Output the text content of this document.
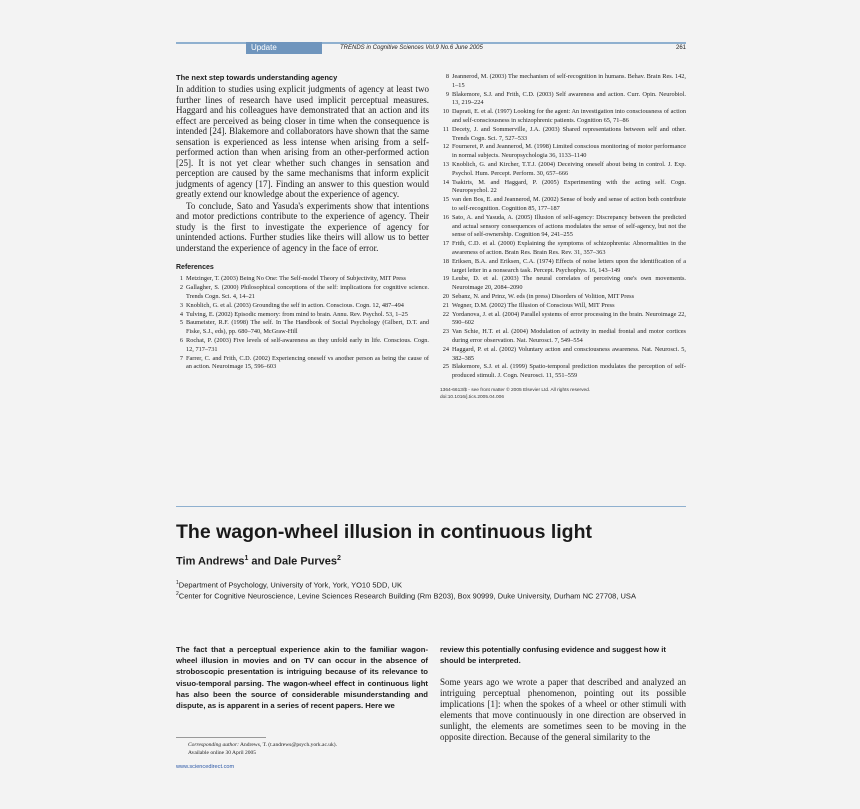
Update	TRENDS in Cognitive Sciences Vol.9 No.6 June 2005	261
The next step towards understanding agency

In addition to studies using explicit judgments of agency at least two further lines of research have used implicit perceptual measures. Haggard and his colleagues have demonstrated that an action and its effect are perceived as being closer in time when the consequence is intended [24]. Blakemore and collaborators have shown that the same sensation is experienced as less intense when arising from a self-performed action than when arising from an other-performed action [25]. It is not yet clear whether such changes in sensation and perception are caused by the same mechanisms that inform explicit judgments of agency [17]. Finding an answer to this question would greatly extend our knowledge about the experience of agency.

To conclude, Sato and Yasuda's experiments show that intentions and motor predictions contribute to the experience of agency. Their study is the first to investigate the experience of agency for unintended actions. Further studies like theirs will allow us to better understand the experience of agency in the face of error.

References
1 Metzinger, T. (2003) Being No One: The Self-model Theory of Subjectivity, MIT Press
2 Gallagher, S. (2000) Philosophical conceptions of the self: implications for cognitive science. Trends Cogn. Sci. 4, 14–21
3 Knoblich, G. et al. (2003) Grounding the self in action. Conscious. Cogn. 12, 487–494
4 Tulving, E. (2002) Episodic memory: from mind to brain. Annu. Rev. Psychol. 53, 1–25
5 Baumeister, R.F. (1998) The self. In The Handbook of Social Psychology (Gilbert, D.T. and Fiske, S.J., eds), pp. 680–740, McGraw-Hill
6 Rochat, P. (2003) Five levels of self-awareness as they unfold early in life. Conscious. Cogn. 12, 717–731
7 Farrer, C. and Frith, C.D. (2002) Experiencing oneself vs another person as being the cause of an action. Neuroimage 15, 596–603
8 Jeannerod, M. (2003) The mechanism of self-recognition in humans. Behav. Brain Res. 142, 1–15
9 Blakemore, S.J. and Frith, C.D. (2003) Self awareness and action. Curr. Opin. Neurobiol. 13, 219–224
10 Daprati, E. et al. (1997) Looking for the agent: An investigation into consciousness of action and self-consciousness in schizophrenic patients. Cognition 65, 71–86
11 Decety, J. and Sommerville, J.A. (2003) Shared representations between self and other. Trends Cogn. Sci. 7, 527–533
12 Fourneret, P. and Jeannerod, M. (1998) Limited conscious monitoring of motor performance in normal subjects. Neuropsychologia 36, 1133–1140
13 Knoblich, G. and Kircher, T.T.J. (2004) Deceiving oneself about being in control. J. Exp. Psychol. Hum. Percept. Perform. 30, 657–666
14 Tsakiris, M. and Haggard, P. (2005) Experimenting with the acting self. Cogn. Neuropsychol. 22
15 van den Bos, E. and Jeannerod, M. (2002) Sense of body and sense of action both contribute to self-recognition. Cognition 85, 177–187
16 Sato, A. and Yasuda, A. (2005) Illusion of self-agency: Discrepancy between the predicted and actual sensory consequences of actions modulates the sense of self-agency, but not the sense of self-ownership. Cognition 94, 241–255
17 Frith, C.D. et al. (2000) Explaining the symptoms of schizophrenia: Abnormalities in the awareness of action. Brain Res. Brain Res. Rev. 31, 357–363
18 Eriksen, B.A. and Eriksen, C.A. (1974) Effects of noise letters upon the identification of a target letter in a nonsearch task. Percept. Psychophys. 16, 143–149
19 Leube, D. et al. (2003) The neural correlates of perceiving one's own movements. Neuroimage 20, 2084–2090
20 Sebanz, N. and Prinz, W. eds (in press) Disorders of Volition, MIT Press
21 Wegner, D.M. (2002) The Illusion of Conscious Will, MIT Press
22 Yordanova, J. et al. (2004) Parallel systems of error processing in the brain. Neuroimage 22, 590–602
23 Van Schie, H.T. et al. (2004) Modulation of activity in medial frontal and motor cortices during error observation. Nat. Neurosci. 7, 549–554
24 Haggard, P. et al. (2002) Voluntary action and consciousness awareness. Nat. Neurosci. 5, 382–385
25 Blakemore, S.J. et al. (1999) Spatio-temporal prediction modulates the perception of self-produced stimuli. J. Cogn. Neurosci. 11, 551–559
1364-6613/$ - see front matter © 2005 Elsevier Ltd. All rights reserved.
doi:10.1016/j.tics.2005.04.006
The wagon-wheel illusion in continuous light
Tim Andrews$^1$ and Dale Purves$^2$
$^1$Department of Psychology, University of York, York, YO10 5DD, UK
$^2$Center for Cognitive Neuroscience, Levine Sciences Research Building (Rm B203), Box 90999, Duke University, Durham NC 27708, USA
The fact that a perceptual experience akin to the familiar wagon-wheel illusion in movies and on TV can occur in the absence of stroboscopic presentation is intriguing because of its relevance to visuo-temporal parsing. The wagon-wheel effect in continuous light has also been the source of considerable misunderstanding and dispute, as is apparent in a series of recent papers. Here we
review this potentially confusing evidence and suggest how it should be interpreted.
Some years ago we wrote a paper that described and analyzed an intriguing perceptual phenomenon, pointing out its possible implications [1]: when the spokes of a wheel or other stimuli with elements that move continuously in one direction are observed in sunlight, the elements are sometimes seen to be moving in the opposite direction. Because of the general similarity to the
Corresponding author: Andrews, T. (t.andrews@psych.york.ac.uk).
Available online 30 April 2005
www.sciencedirect.com
